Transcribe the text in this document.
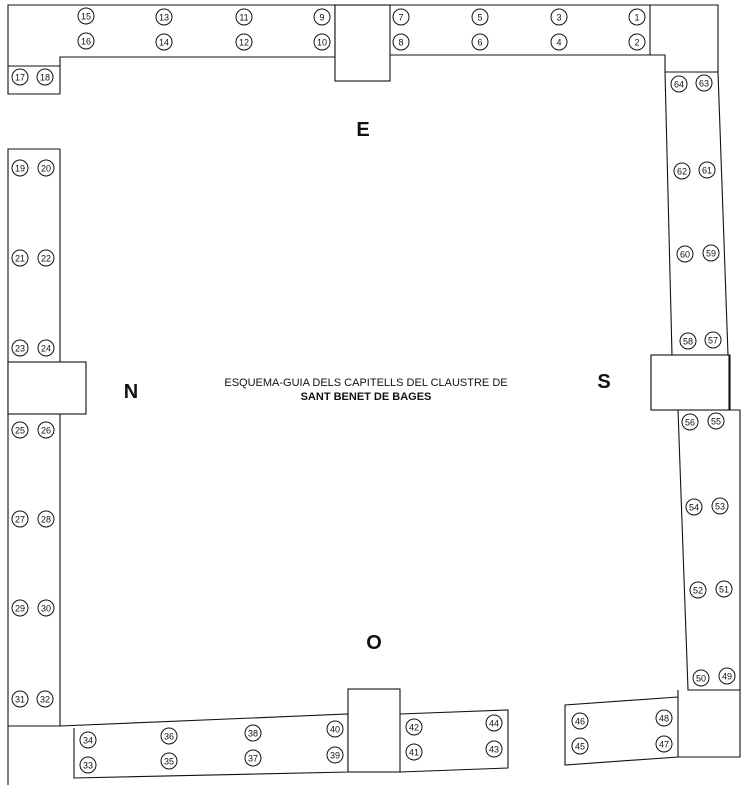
E
N	S
O
ESQUEMA-GUIA DELS CAPITELLS DEL CLAUSTRE DE
SANT BENET DE BAGES
1
2
3
4
5
6
7
8
9
10
11
12
13
14
15
16
17 18
19 20
21 22
23 24
25 26
27 28
29 30
31 32
33
34
35
36
37
38
39
40
41
42
43
44
45
46
47
48
49
50
51
52
53
54
55
56
57
58
59
60
61
62
63
64
